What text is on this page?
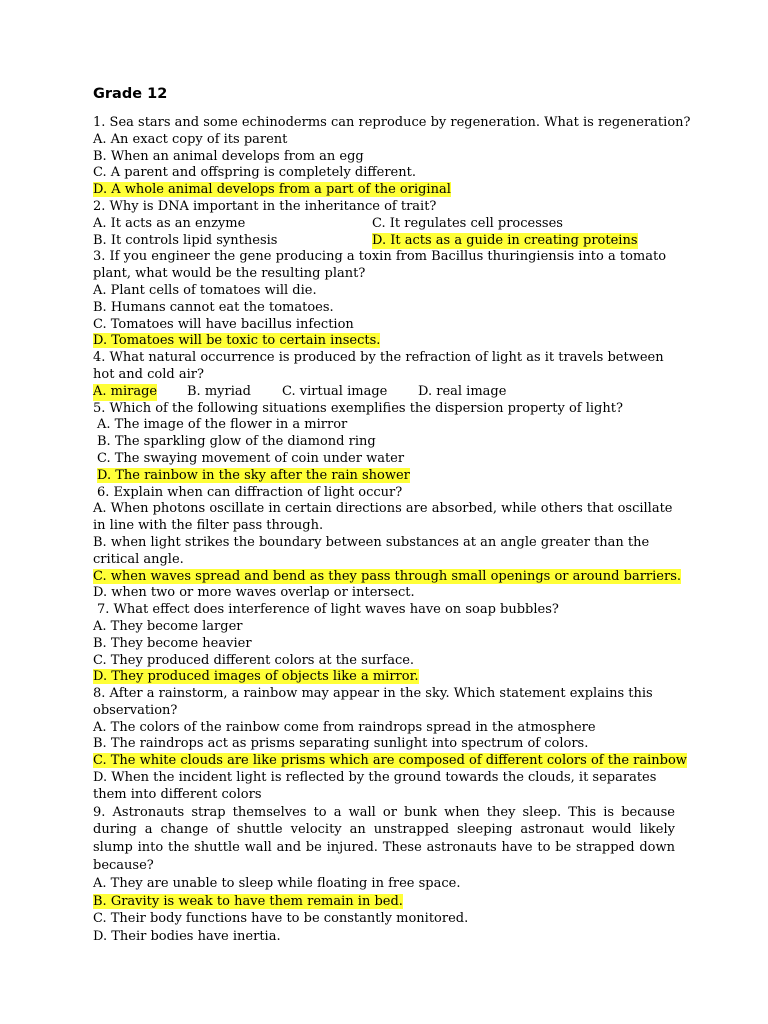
Grade 12
1. Sea stars and some echinoderms can reproduce by regeneration. What is regeneration?
A. An exact copy of its parent
B. When an animal develops from an egg
C. A parent and offspring is completely different.
D. A whole animal develops from a part of the original
2. Why is DNA important in the inheritance of trait?
A. It acts as an enzyme	C. It regulates cell processes
B. It controls lipid synthesis	D. It acts as a guide in creating proteins
3. If you engineer the gene producing a toxin from Bacillus thuringiensis into a tomato plant, what would be the resulting plant?
A. Plant cells of tomatoes will die.
B. Humans cannot eat the tomatoes.
C. Tomatoes will have bacillus infection
D. Tomatoes will be toxic to certain insects.
4. What natural occurrence is produced by the refraction of light as it travels between hot and cold air?
A. mirage B. myriad C. virtual image D. real image
5. Which of the following situations exemplifies the dispersion property of light?
A. The image of the flower in a mirror
B. The sparkling glow of the diamond ring
C. The swaying movement of coin under water
D. The rainbow in the sky after the rain shower
6. Explain when can diffraction of light occur?
A. When photons oscillate in certain directions are absorbed, while others that oscillate in line with the filter pass through.
B. when light strikes the boundary between substances at an angle greater than the critical angle.
C. when waves spread and bend as they pass through small openings or around barriers.
D. when two or more waves overlap or intersect.
7. What effect does interference of light waves have on soap bubbles?
A. They become larger
B. They become heavier
C. They produced different colors at the surface.
D. They produced images of objects like a mirror.
8. After a rainstorm, a rainbow may appear in the sky. Which statement explains this observation?
A. The colors of the rainbow come from raindrops spread in the atmosphere
B. The raindrops act as prisms separating sunlight into spectrum of colors.
C. The white clouds are like prisms which are composed of different colors of the rainbow
D. When the incident light is reflected by the ground towards the clouds, it separates them into different colors
9. Astronauts strap themselves to a wall or bunk when they sleep. This is because during a change of shuttle velocity an unstrapped sleeping astronaut would likely slump into the shuttle wall and be injured. These astronauts have to be strapped down because?
A. They are unable to sleep while floating in free space.
B. Gravity is weak to have them remain in bed.
C. Their body functions have to be constantly monitored.
D. Their bodies have inertia.
